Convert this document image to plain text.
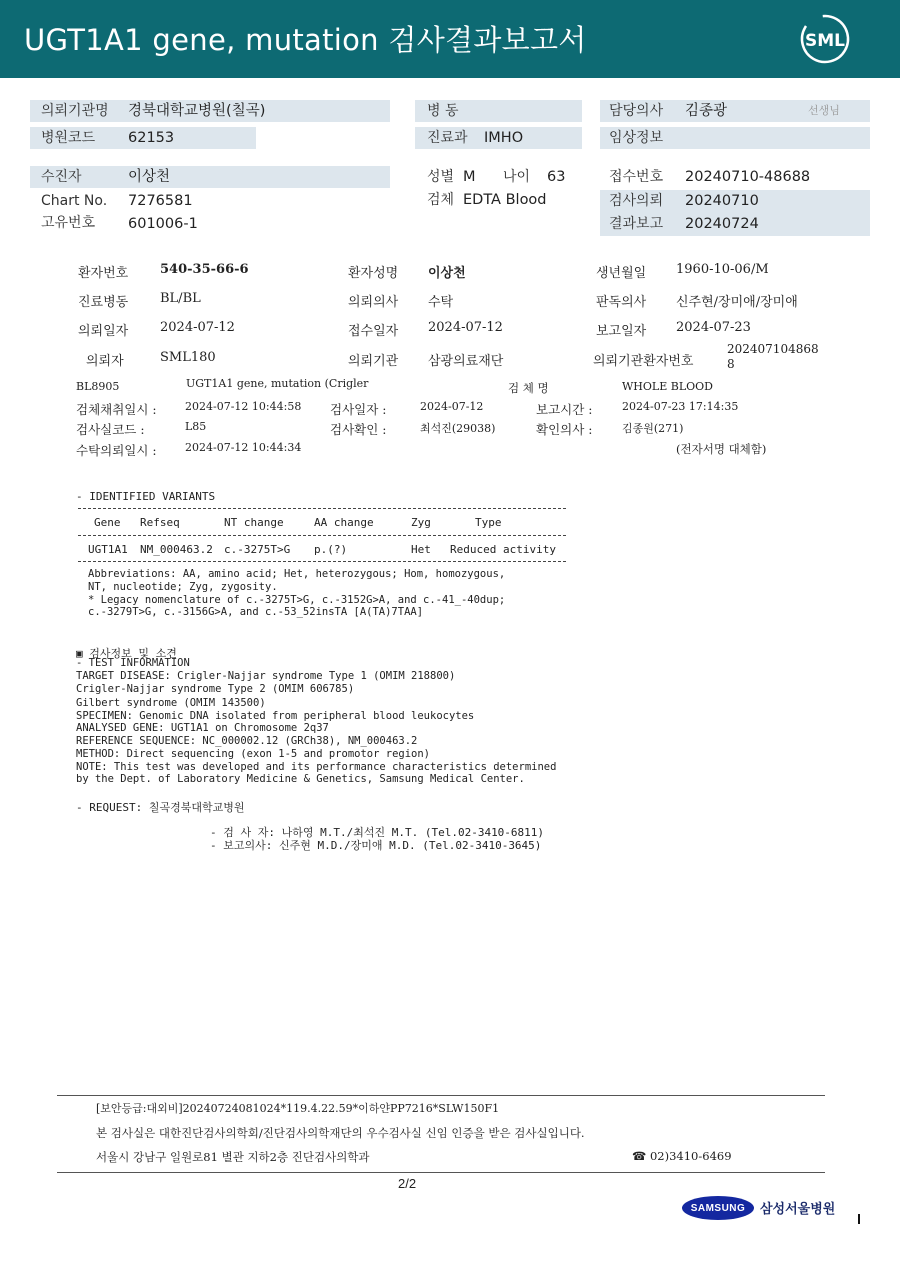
UGT1A1 gene, mutation 검사결과보고서	SML
의뢰기관명 경북대학교병원(칠곡)
병원코드 62153
병 동
진료과 IMHO
담당의사 김종광	선생님
임상정보
수진자	이상천
Chart No. 7276581
고유번호 601006-1
성별 M 나이 63
검체 EDTA Blood
접수번호 20240710-48688
검사의뢰 20240710
결과보고 20240724
환자번호 540-35-66-6	환자성명 이상천	생년월일 1960-10-06/M
진료병동 BL/BL	의뢰의사 수탁	판독의사 신주현/장미애/장미애
의뢰일자 2024-07-12	접수일자 2024-07-12	보고일자 2024-07-23
의뢰자	SML180	의뢰기관 삼광의료재단	의뢰기관환자번호
202407104868
8
BL8905	UGT1A1 gene, mutation (Crigler	검 체 명	WHOLE BLOOD
검체채취일시 :	2024-07-12 10:44:58 검사일자 :	2024-07-12	보고시간 :	2024-07-23 17:14:35
검사실코드 :	L85	검사확인 :	최석진(29038)	확인의사 :	김종원(271)
수탁의뢰일시 :	2024-07-12 10:44:34	(전자서명 대체함)
- IDENTIFIED VARIANTS
Gene Refseq	NT change	AA change	Zyg	Type
UGT1A1 NM_000463.2 c.-3275T>G p.(?)	Het Reduced activity
Abbreviations: AA, amino acid; Het, heterozygous; Hom, homozygous,
NT, nucleotide; Zyg, zygosity.
* Legacy nomenclature of c.-3275T>G, c.-3152G>A, and c.-41_-40dup;
c.-3279T>G, c.-3156G>A, and c.-53_52insTA [A(TA)7TAA]
▣ 검사정보 및 소견
- TEST INFORMATION
TARGET DISEASE: Crigler-Najjar syndrome Type 1 (OMIM 218800)
Crigler-Najjar syndrome Type 2 (OMIM 606785)
Gilbert syndrome (OMIM 143500)
SPECIMEN: Genomic DNA isolated from peripheral blood leukocytes
ANALYSED GENE: UGT1A1 on Chromosome 2q37
REFERENCE SEQUENCE: NC_000002.12 (GRCh38), NM_000463.2
METHOD: Direct sequencing (exon 1-5 and promotor region)
NOTE: This test was developed and its performance characteristics determined
by the Dept. of Laboratory Medicine & Genetics, Samsung Medical Center.
- REQUEST: 칠곡경북대학교병원
- 검 사 자: 나하영 M.T./최석진 M.T. (Tel.02-3410-6811)
- 보고의사: 신주현 M.D./장미애 M.D. (Tel.02-3410-3645)
[보안등급:대외비]20240724081024*119.4.22.59*이하얀PP7216*SLW150F1
본 검사실은 대한진단검사의학회/진단검사의학재단의 우수검사실 신임 인증을 받은 검사실입니다.
서울시 강남구 일원로81 별관 지하2층 진단검사의학과	☎ 02)3410-6469
2/2
SAMSUNG 삼성서울병원
